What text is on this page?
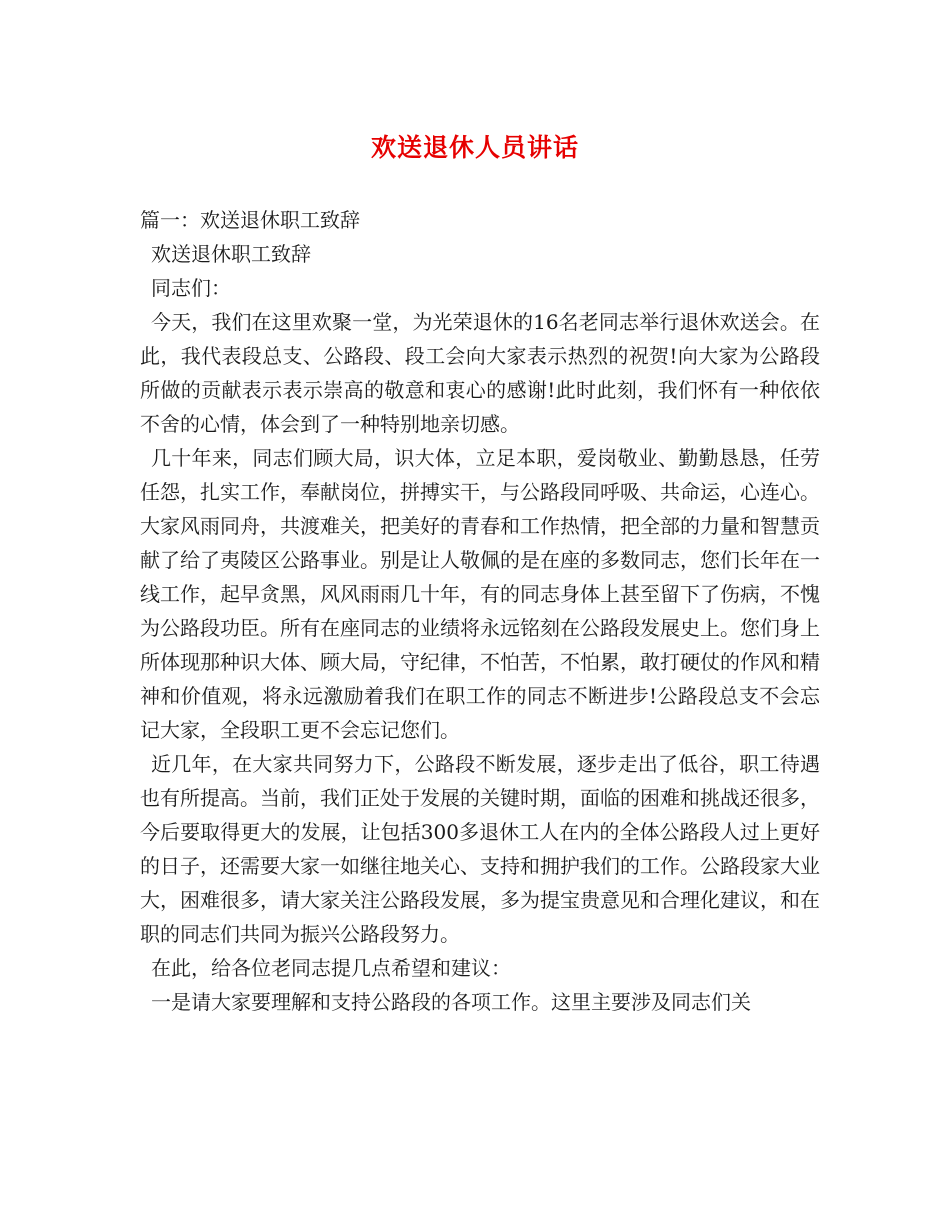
欢送退休人员讲话

篇一：欢送退休职工致辞

欢送退休职工致辞

同志们：

今天，我们在这里欢聚一堂，为光荣退休的16名老同志举行退休欢送会。在此，我代表段总支、公路段、段工会向大家表示热烈的祝贺!向大家为公路段所做的贡献表示表示崇高的敬意和衷心的感谢!此时此刻，我们怀有一种依依不舍的心情，体会到了一种特别地亲切感。

几十年来，同志们顾大局，识大体，立足本职，爱岗敬业、勤勤恳恳，任劳任怨，扎实工作，奉献岗位，拼搏实干，与公路段同呼吸、共命运，心连心。大家风雨同舟，共渡难关，把美好的青春和工作热情，把全部的力量和智慧贡献了给了夷陵区公路事业。别是让人敬佩的是在座的多数同志，您们长年在一线工作，起早贪黑，风风雨雨几十年，有的同志身体上甚至留下了伤病，不愧为公路段功臣。所有在座同志的业绩将永远铭刻在公路段发展史上。您们身上所体现那种识大体、顾大局，守纪律，不怕苦，不怕累，敢打硬仗的作风和精神和价值观，将永远激励着我们在职工作的同志不断进步!公路段总支不会忘记大家，全段职工更不会忘记您们。

近几年，在大家共同努力下，公路段不断发展，逐步走出了低谷，职工待遇也有所提高。当前，我们正处于发展的关键时期，面临的困难和挑战还很多，今后要取得更大的发展，让包括300多退休工人在内的全体公路段人过上更好的日子，还需要大家一如继往地关心、支持和拥护我们的工作。公路段家大业大，困难很多，请大家关注公路段发展，多为提宝贵意见和合理化建议，和在职的同志们共同为振兴公路段努力。

在此，给各位老同志提几点希望和建议：

一是请大家要理解和支持公路段的各项工作。这里主要涉及同志们关
